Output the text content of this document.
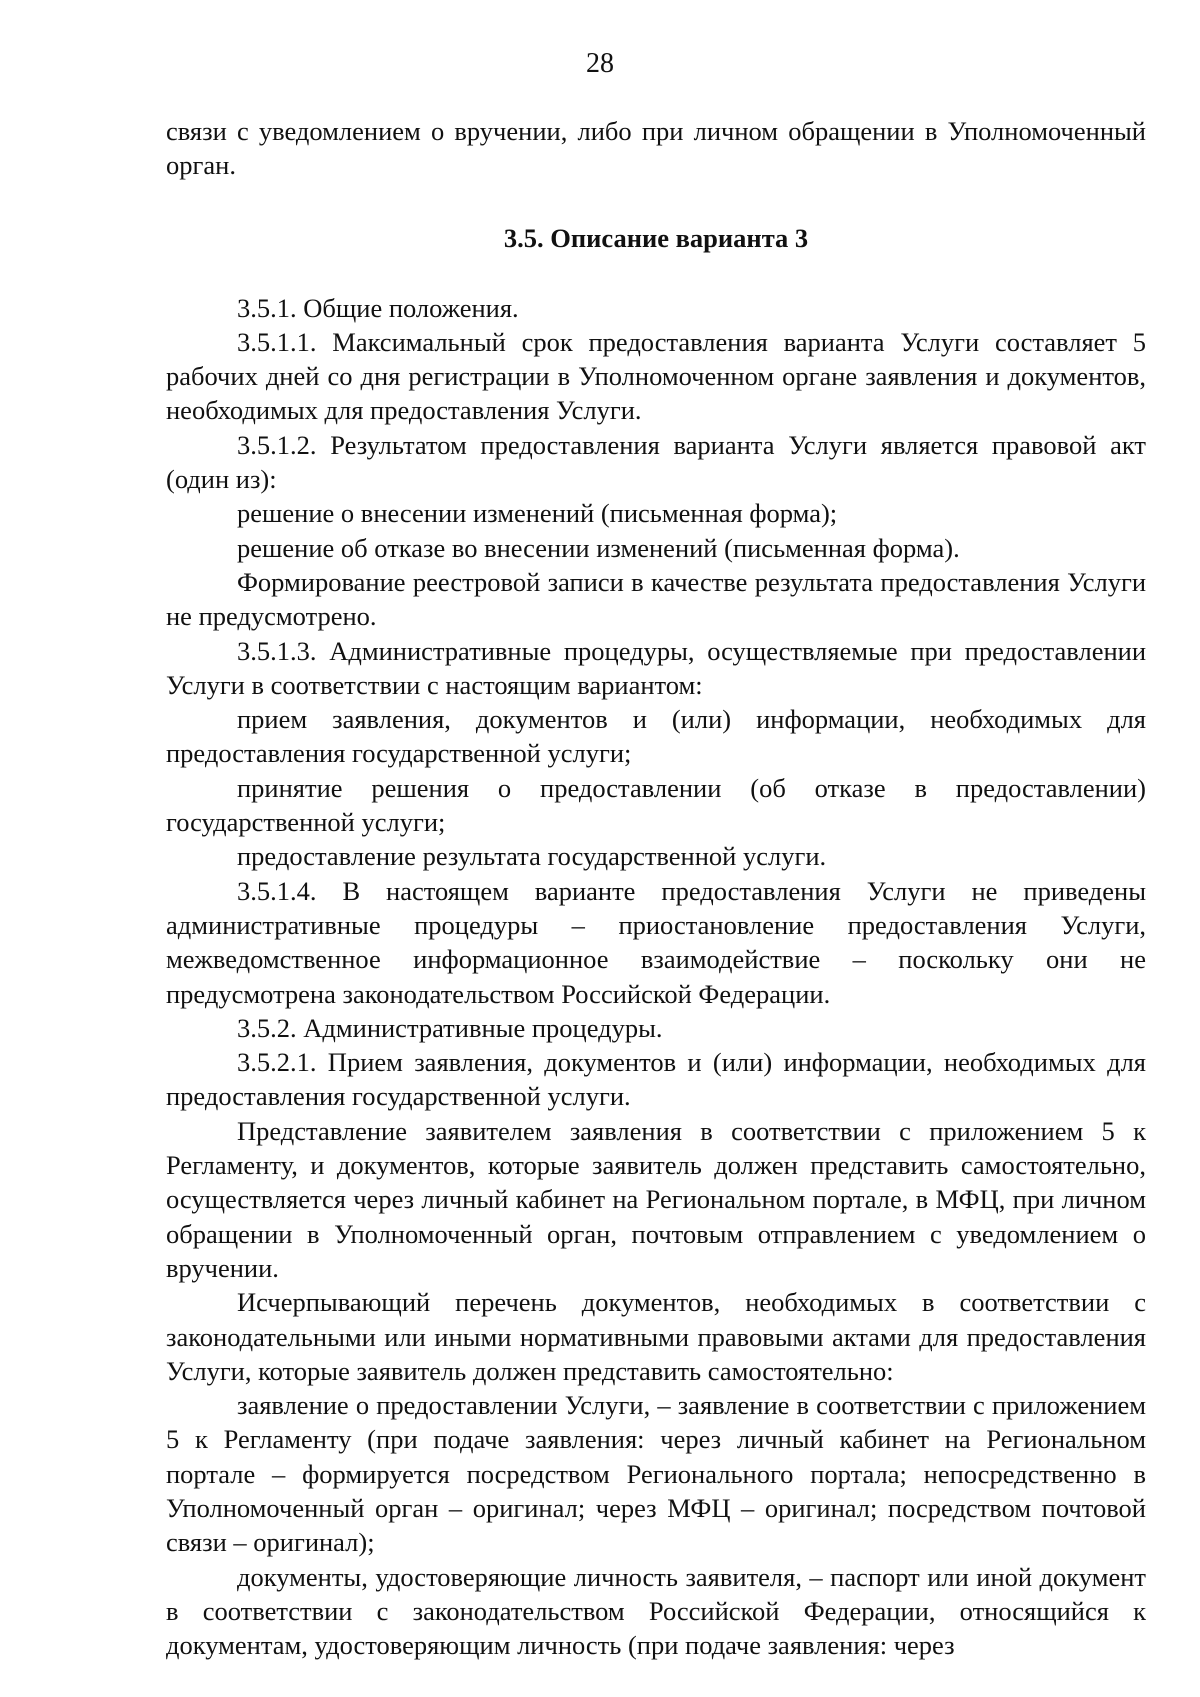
28

связи с уведомлением о вручении, либо при личном обращении в Уполномоченный орган.

3.5. Описание варианта 3

3.5.1. Общие положения.

3.5.1.1. Максимальный срок предоставления варианта Услуги составляет 5 рабочих дней со дня регистрации в Уполномоченном органе заявления и документов, необходимых для предоставления Услуги.

3.5.1.2. Результатом предоставления варианта Услуги является правовой акт (один из):

решение о внесении изменений (письменная форма);

решение об отказе во внесении изменений (письменная форма).

Формирование реестровой записи в качестве результата предоставления Услуги не предусмотрено.

3.5.1.3. Административные процедуры, осуществляемые при предоставлении Услуги в соответствии с настоящим вариантом:

прием заявления, документов и (или) информации, необходимых для предоставления государственной услуги;

принятие решения о предоставлении (об отказе в предоставлении) государственной услуги;

предоставление результата государственной услуги.

3.5.1.4. В настоящем варианте предоставления Услуги не приведены административные процедуры – приостановление предоставления Услуги, межведомственное информационное взаимодействие – поскольку они не предусмотрена законодательством Российской Федерации.

3.5.2. Административные процедуры.

3.5.2.1. Прием заявления, документов и (или) информации, необходимых для предоставления государственной услуги.

Представление заявителем заявления в соответствии с приложением 5 к Регламенту, и документов, которые заявитель должен представить самостоятельно, осуществляется через личный кабинет на Региональном портале, в МФЦ, при личном обращении в Уполномоченный орган, почтовым отправлением с уведомлением о вручении.

Исчерпывающий перечень документов, необходимых в соответствии с законодательными или иными нормативными правовыми актами для предоставления Услуги, которые заявитель должен представить самостоятельно:

заявление о предоставлении Услуги, – заявление в соответствии с приложением 5 к Регламенту (при подаче заявления: через личный кабинет на Региональном портале – формируется посредством Регионального портала; непосредственно в Уполномоченный орган – оригинал; через МФЦ – оригинал; посредством почтовой связи – оригинал);

документы, удостоверяющие личность заявителя, – паспорт или иной документ в соответствии с законодательством Российской Федерации, относящийся к документам, удостоверяющим личность (при подаче заявления: через
